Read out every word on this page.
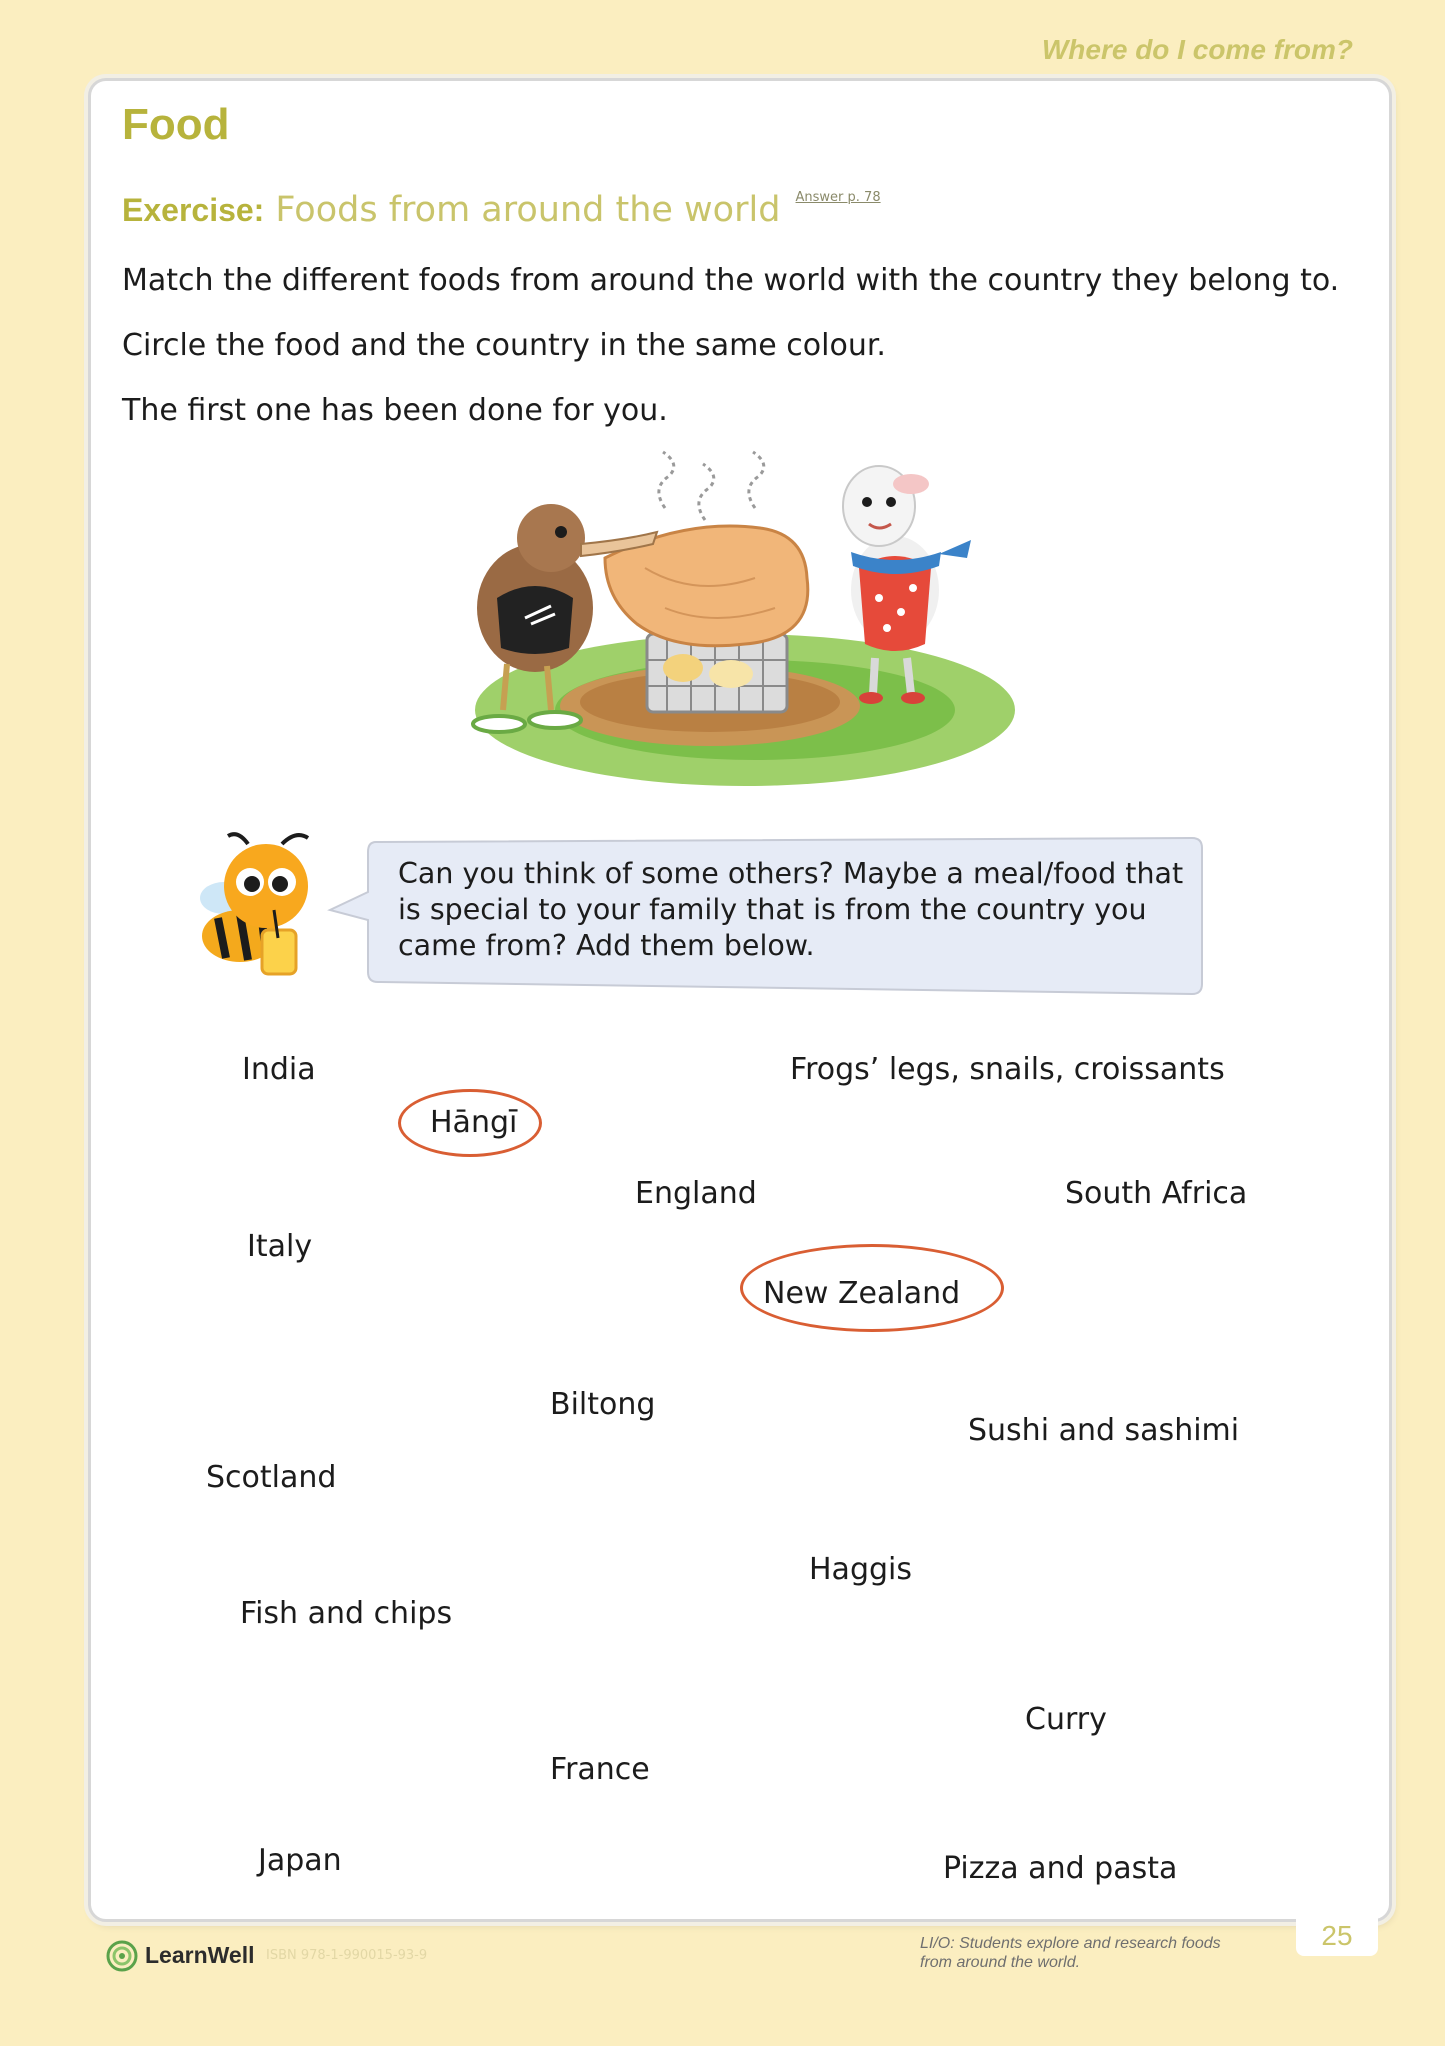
Where do I come from?
Food
Exercise: Foods from around the world $^{Answer p. 78}$
Match the different foods from around the world with the country they belong to.
Circle the food and the country in the same colour.
The first one has been done for you.
Can you think of some others? Maybe a meal/food that
is special to your family that is from the country you
came from? Add them below.
India	Frogs’ legs, snails, croissants
Hāngī
England	South Africa
Italy
New Zealand
Biltong
Sushi and sashimi
Scotland
Haggis
Fish and chips
Curry
France
Japan	Pizza and pasta
LearnWell ISBN 978-1-990015-93-9
LI/O: Students explore and research foods
from around the world.
25
